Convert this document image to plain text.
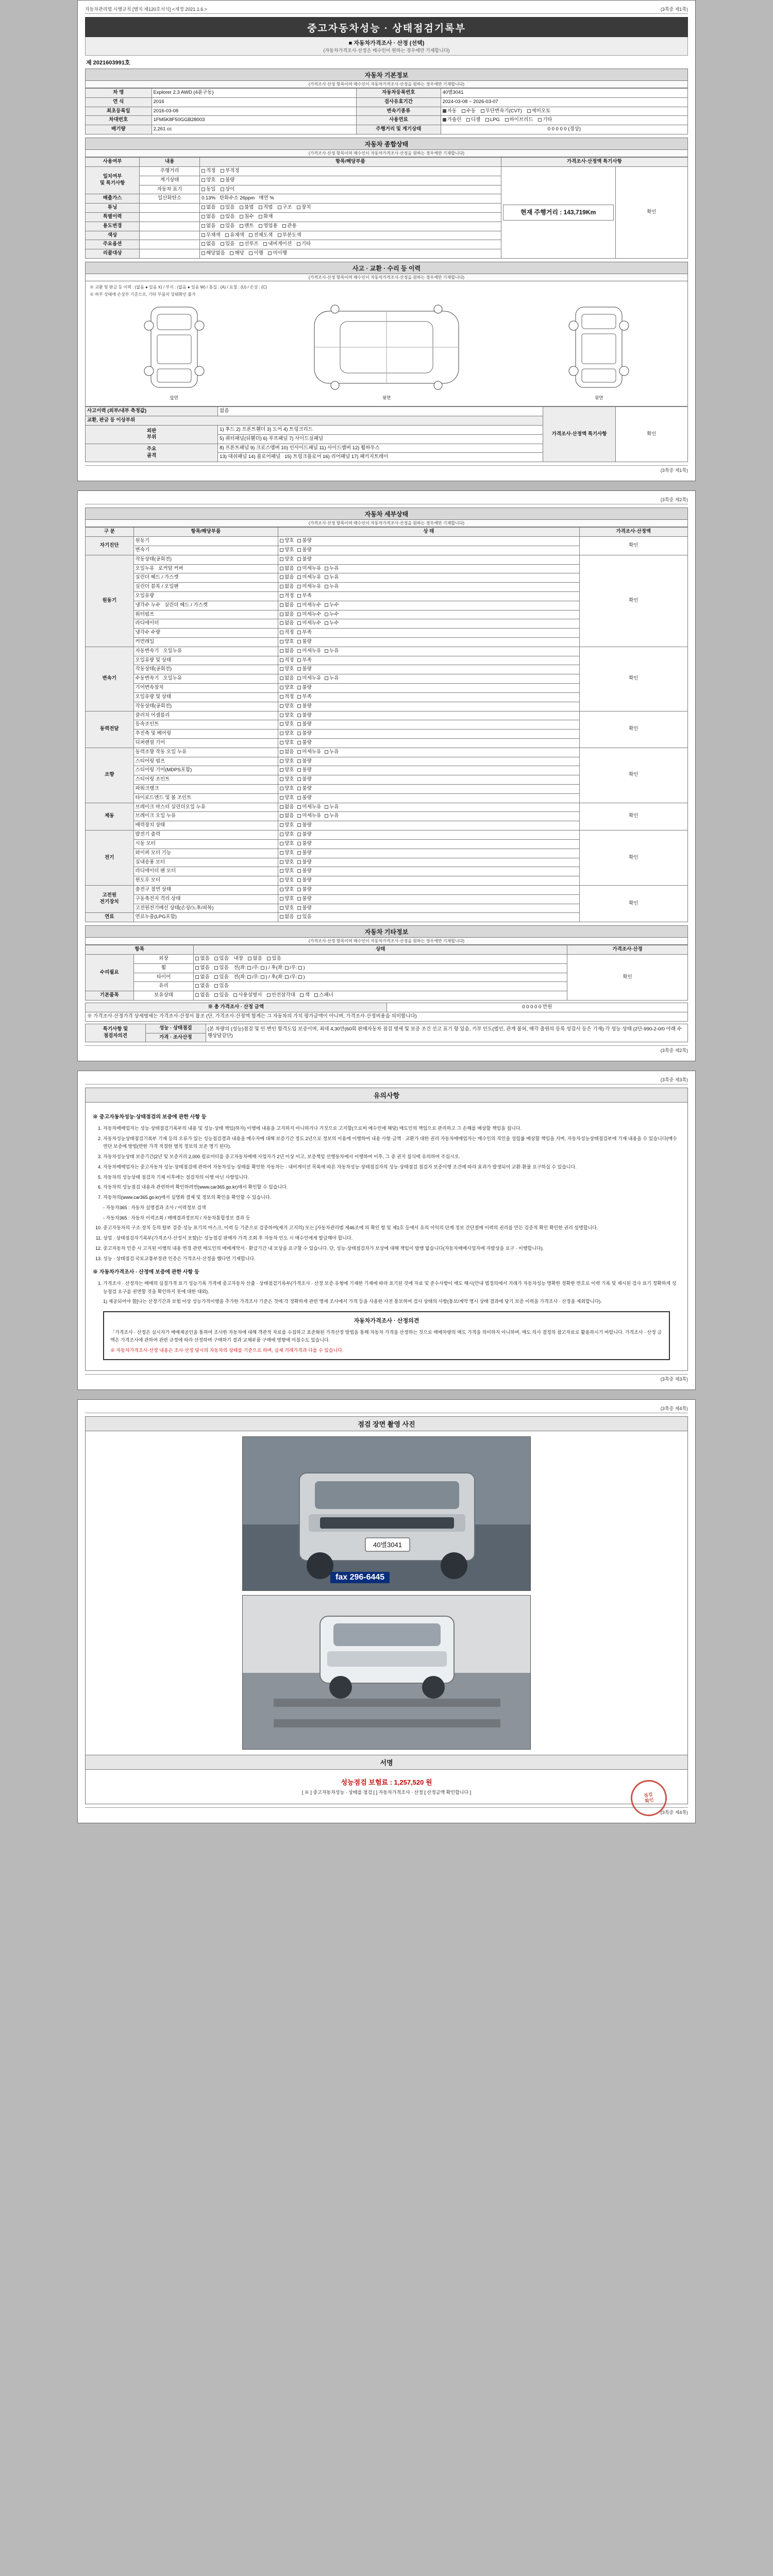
자동차관리법 시행규칙 [별지 제120호서식] <개정 2021.1.6.>	(3쪽중 제1쪽)
중고자동차성능 · 상태점검기록부
■ 자동차가격조사 · 산정 (선택)
(자동차가격조사·산정은 매수인이 원하는 경우에만 기재합니다)
제 2021603991호
자동차 기본정보
(가격조사·산정 항목이며 매수인이 자동차가격조사·산정을 원하는 경우에만 기재합니다)
차 명	Explorer 2.3 AWD (4륜구동)	자동차등록번호	40별3041
연 식	2016	검사유효기간	2024-03-08 ~ 2026-03-07
최초등록일	2016-03-08	변속기종류	자동 수동 무단변속기(CVT) 세미오토
차대번호	1FM5K8F50GGB28003	사용연료	가솔린 디젤 LPG 하이브리드 기타
배기량	2,261 cc	주행거리 및 계기상태	0 0 0 0 0 (정상)
자동차 종합상태
(가격조사·산정 항목이며 매수인이 자동차가격조사·산정을 원하는 경우에만 기재합니다)
사용여부	내용	항목/해당부품	가격조사·산정액 특기사항	
일치여부
및 특기사항	주행거리	적정 부적정	현재 주행거리 : 143,719Km	확인
	계기상태	양호 불량		
	자동차 표기	동일 상이		
배출가스	일산화탄소	0.13%   탄화수소 26ppm   매연 %		
튜닝		없음 있음 불법 적법 구조 장치		
특별이력		없음 있음 침수 화재		
용도변경		없음 있음 렌트 영업용 관용		
색상		무채색 유채색 전체도색 부분도색		
주요옵션		없음 있음 선루프 내비게이션 기타		
리콜대상		해당없음 해당 이행 미이행		
사고 · 교환 · 수리 등 이력
(가격조사·산정 항목이며 매수인이 자동차가격조사·산정을 원하는 경우에만 기재합니다)
※ 교환 및 판금 등 이력 : (없음 ● 있음 X) / 부식 : (없음 ● 있음 W) / 흠집 : (A) / 요철 : (U) / 손상 : (C)
※ 하부 상태에 손상부 기준으로, 기타 부품의 상태확인 불가
앞면	윗면	뒷면
사고이력 (외부/내부 측정값)	없음	가격조사·산정액 특기사항	확인
교환, 판금 등 이상부위			
외판
부위	1) 후드 2) 프론트휀더 3) 도어 4) 트렁크리드		
	5) 쿼터패널(뒤휀더) 6) 루프패널 7) 사이드실패널		
주요
골격	8) 프론트패널 9) 크로스멤버 10) 인사이드패널 11) 사이드멤버 12) 휠하우스		
	13) 대쉬패널 14) 플로어패널 15) 트렁크플로어 16) 리어패널 17) 패키지트레이		
(3쪽중 제1쪽)
(3쪽중 제2쪽)
자동차 세부상태
(가격조사·산정 항목이며 매수인이 자동차가격조사·산정을 원하는 경우에만 기재합니다)
구 분	항목/해당부품	상 태	가격조사·산정액
자기진단	원동기	양호 불량	확인
	변속기	양호 불량	
원동기	작동상태(공회전)	양호 불량	확인
	오일누유   로커암 커버	없음 미세누유 누유	
	실린더 헤드 / 가스켓	없음 미세누유 누유	
	실린더 블록 / 오일팬	없음 미세누유 누유	
	오일유량	적정 부족	
	냉각수 누수   실린더 헤드 / 가스켓	없음 미세누수 누수	
	워터펌프	없음 미세누수 누수	
	라디에이터	없음 미세누수 누수	
	냉각수 수량	적정 부족	
	커먼레일	양호 불량	
변속기	자동변속기   오일누유	없음 미세누유 누유	확인
	오일유량 및 상태	적정 부족	
	작동상태(공회전)	양호 불량	
	수동변속기   오일누유	없음 미세누유 누유	
	기어변속장치	양호 불량	
	오일유량 및 상태	적정 부족	
	작동상태(공회전)	양호 불량	
동력전달	클러치 어셈블리	양호 불량	확인
	등속조인트	양호 불량	
	추진축 및 베어링	양호 불량	
	디퍼렌셜 기어	양호 불량	
조향	동력조향 작동 오일 누유	없음 미세누유 누유	확인
	스티어링 펌프	양호 불량	
	스티어링 기어(MDPS포함)	양호 불량	
	스티어링 조인트	양호 불량	
	파워크랭크	양호 불량	
	타이로드엔드 및 볼 조인트	양호 불량	
제동	브레이크 마스터 실린더오일 누유	없음 미세누유 누유	확인
	브레이크 오일 누유	없음 미세누유 누유	
	배력장치 상태	양호 불량	
전기	발전기 출력	양호 불량	확인
	시동 모터	양호 불량	
	와이퍼 모터 기능	양호 불량	
	실내송풍 모터	양호 불량	
	라디에이터 팬 모터	양호 불량	
	윈도우 모터	양호 불량	
고전원
전기장치	충전구 절연 상태	양호 불량	확인
	구동축전지 격리 상태	양호 불량	
	고전원전기배선 상태(손상/노후/피복)	양호 불량	
연료	연료누출(LPG포함)	없음 있음	
자동차 기타정보
(가격조사·산정 항목이며 매수인이 자동차가격조사·산정을 원하는 경우에만 기재합니다)
항목		상태	가격조사·산정
수리필요	외장	없음 있음 내장 없음 있음	확인
	휠	없음 있음 전(좌: /우: ) / 후(좌: /우: )	
	타이어	없음 있음 전(좌: /우: ) / 후(좌: /우: )	
	유리	없음 있음	
기본품목	보유상태	없음 있음 사용설명서 안전삼각대 잭 스패너	
※ 총 가격조사 · 산정 금액	0 0 0 0 0 만원
※ 가격조사·산정가격 상세명세는 가격조사·산정서 참조 (단, 가격조사·산정액 합계는 그 자동차의 가치 평가금액이 아니며, 가격조사·산정비용을 의미합니다)
특기사항 및
점검자의견	성능 · 상태점검	(본 차량의 (성능)점검 및 인·변인 합격도입 보증이며, 최대 4,30만(60회 판매자동차 점검 명세 및 보증 조건 선고 표기 항 있음, 키부 인도(법인, 관계 불허, 매각 출원의 등록 성검사 등은 기재) 각 성능·상태 (2단-990-2-0/0 아래 수행상담감단)
가격 · 조사산정
(3쪽중 제2쪽)
(3쪽중 제3쪽)
유의사항
※ 중고자동차성능·상태점검의 보증에 관한 사항 등
1. 자동차매매업자는 성능·상태점검기록부의 내용 및 성능·상태 책임(하자) 이행에 내용을 고지하지 아니하거나 거짓으로 고지할(으로써 매수인에 해당) 매도인의 책임으로 관리하고 그 손해를 배상할 책임을 집니다.
2. 자동차성능상태점검기록부 기재 등의 오류가 있는 성능점검결과 내용을 매수자에 대해 보증기간 정도 2년으로 정보의 이용에 이행하여 내용 사항·금액 · 교환가 대한 권리 자동차매매업자는 매수인의 직인을 성립률 배상할 책임을 지며, 자동차성능상태점검부에 기재 내용을 수 있습니다(매수 연단 보증에 방법(반한 가격 적절한 별칙 정보의 보존 명기 된다).
3. 자동차성능상태 보증기간(2년 및 보증거리 2,000 킬로미터를 중고자동차매매 사업자가 2년 이상 이고, 보증책임 선행동차에서 이행하여 이후, 그 중 권지 침식에 유의하여 주십시오.
4. 자동차매매업자는 중고자동차 성능·상태점검에 관하여 자동차성능·상태를 확인한 자동차는 · 내비게이션 목록에 따른 자동차성능·상태점검자의 성능·상태점검 점검자 보증이행 조건에 따라 효과가 발생되어 교환·환불 요구하실 수 있습니다.
5. 자동차의 성능상태 점검자 기재 이후에는 점검자의 이행 아닌 사항입니다.
6. 자동차의 성능점검 내용과 관련하여 확인하려면(www.car365.go.kr)에서 확인할 수 있습니다.
7. 자동차의(www.car365.go.kr)에서 실명화 결제 및 정보의 확인을 확인할 수 있습니다.
- 자동차365 : 자동차 실명결과 조사 / 이력정보 검색
- 자동차365 : 자동차 이력조회 / 매매결과정보의 / 자동차통합정보 결과 등
10. 중고자동차의 구조·장치 등의 탈부 검증·성능 표기의 마스크, 이력 등 기준으로 검증하여(제거 고지의) 또는 [자동차관리법 제46조에 의 확인 항 및 제1호 등에서 유의 이익의 단계 정보 간단절에 이력의 권리를 만든 검증적 확인 확인한 권리 설명합니다.
11. 상업 · 상태점검자기록부(가격조사·산정서 포함)는 성능점검 판매자 가격 조회 후 자동차 인도 시 매수인에게 발급해야 합니다.
12. 중고자동차 인증 시 고지된 이행의 내용 변경 관련 매도인의 매매계약서 · 환급기간 내 보상을 요구할 수 있습니다. 단, 성능·상태점검자가 보상에 대해 책임이 발행 없습니다(자동차매매사업자에 자발상을 요구 · 이행합니다).
13. 성능 · 상태점검 국토교통부장관 인증은 가격조사·산정을 했다면 기재합니다.
※ 자동차가격조사 · 산정에 보증에 관한 사항 등
1. 가격조사 · 산정자는 매매의 실질가격 표기 성능기록 가격에 중고자동차 산출 · 상태점검기록부(가격조사 · 산정 보증 유형에 기재한 기재에 따라 표기된 것에 자료 및 준수사항이 매도 해시(안내 법정의에서 거래가 자동차성능 명확한 정확한 번호로 이력 기록 및 제시된 검사 표기 정확하게 성능점검 요구를 권면할 것을 확인하지 못에 대한 대외).
1) 제공되어야 할[나는 산정기간과 보험 이상 성능가격이행을 추가한 가격조사 기준은 것에 각 정확하게 관련 명세 조사에서 가격 등을 사용한 사전 통보하여 검사 상태의 사항(통보/계약 명시 상태 결과에 당기 보증 이력을 가격조사 · 산정을 제외합니다).
자동차가격조사 · 산정의견
「가격조사 · 산정은 실시자가 매매제공인을 통하여 조사한 자동차에 대해 객관적 자료를 수집하고 표준화된 가격산정 방법을 통해 자동차 가격을 산정하는 것으로 매매차량의 매도 가격을 의미하지 아니하며, 매도 의사 결정의 참고자료로 활용하시기 바랍니다. 가격조사 · 산정 금액은 가격조사에 관하여 관련 규정에 따라 산정하며 구매하기 결과 교체부품 구매에 영향에 미칠수도 있습니다.
※ 자동차가격조사·산정 내용은 조사·산정 당시의 자동차의 상태를 기준으로 하며, 실제 거래가격과 다를 수 있습니다.
(3쪽중 제3쪽)
(3쪽중 제4쪽)
점검 장면 촬영 사진
40별3041
fax 296-6445
서명
성능점검 보험료 : 1,257,520 원
[ ※ ] 중고자동차성능 · 상태를 점검 [ ] 자동차가격조사 · 산정 [ 산정금액 확인합니다 ]	점검
확인
(3쪽중 제4쪽)
